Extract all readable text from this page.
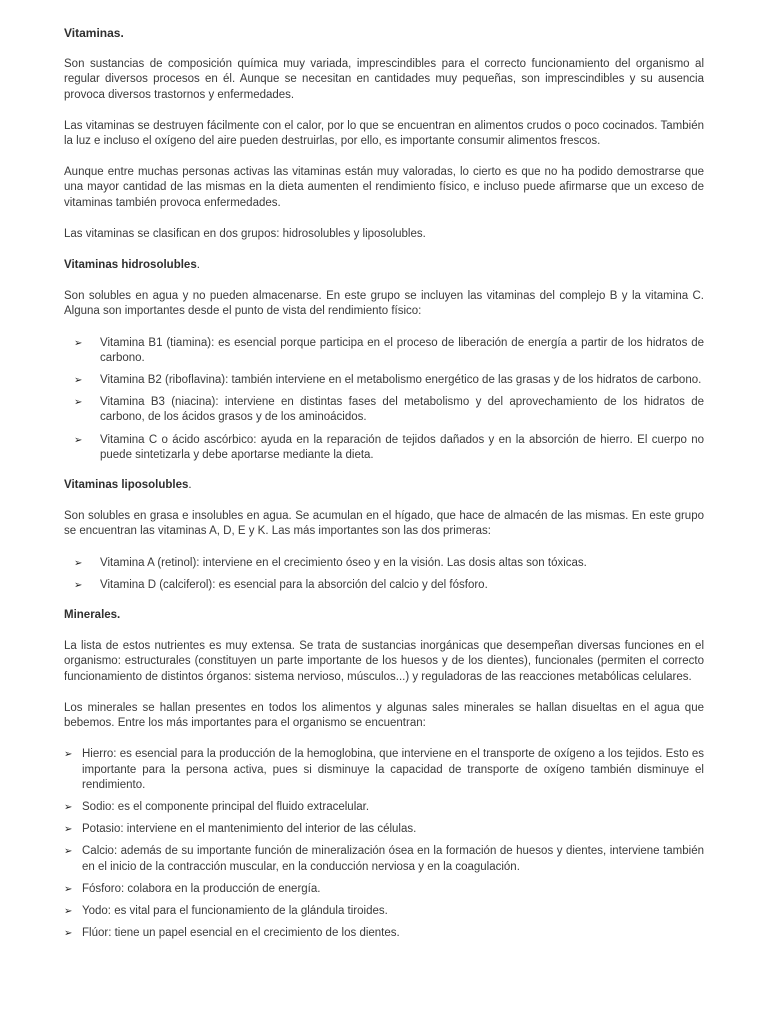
Vitaminas.

Son sustancias de composición química muy variada, imprescindibles para el correcto funcionamiento del organismo al regular diversos procesos en él. Aunque se necesitan en cantidades muy pequeñas, son imprescindibles y su ausencia provoca diversos trastornos y enfermedades.

Las vitaminas se destruyen fácilmente con el calor, por lo que se encuentran en alimentos crudos o poco cocinados. También la luz e incluso el oxígeno del aire pueden destruirlas, por ello, es importante consumir alimentos frescos.

Aunque entre muchas personas activas las vitaminas están muy valoradas, lo cierto es que no ha podido demostrarse que una mayor cantidad de las mismas en la dieta aumenten el rendimiento físico, e incluso puede afirmarse que un exceso de vitaminas también provoca enfermedades.

Las vitaminas se clasifican en dos grupos: hidrosolubles y liposolubles.

Vitaminas hidrosolubles.

Son solubles en agua y no pueden almacenarse. En este grupo se incluyen las vitaminas del complejo B y la vitamina C. Alguna son importantes desde el punto de vista del rendimiento físico:

➢ Vitamina B1 (tiamina): es esencial porque participa en el proceso de liberación de energía a partir de los hidratos de carbono.
➢ Vitamina B2 (riboflavina): también interviene en el metabolismo energético de las grasas y de los hidratos de carbono.
➢ Vitamina B3 (niacina): interviene en distintas fases del metabolismo y del aprovechamiento de los hidratos de carbono, de los ácidos grasos y de los aminoácidos.
➢ Vitamina C o ácido ascórbico: ayuda en la reparación de tejidos dañados y en la absorción de hierro. El cuerpo no puede sintetizarla y debe aportarse mediante la dieta.
Vitaminas liposolubles.

Son solubles en grasa e insolubles en agua. Se acumulan en el hígado, que hace de almacén de las mismas. En este grupo se encuentran las vitaminas A, D, E y K. Las más importantes son las dos primeras:

➢ Vitamina A (retinol): interviene en el crecimiento óseo y en la visión. Las dosis altas son tóxicas.
➢ Vitamina D (calciferol): es esencial para la absorción del calcio y del fósforo.
Minerales.

La lista de estos nutrientes es muy extensa. Se trata de sustancias inorgánicas que desempeñan diversas funciones en el organismo: estructurales (constituyen un parte importante de los huesos y de los dientes), funcionales (permiten el correcto funcionamiento de distintos órganos: sistema nervioso, músculos...) y reguladoras de las reacciones metabólicas celulares.

Los minerales se hallan presentes en todos los alimentos y algunas sales minerales se hallan disueltas en el agua que bebemos. Entre los más importantes para el organismo se encuentran:

➢ Hierro: es esencial para la producción de la hemoglobina, que interviene en el transporte de oxígeno a los tejidos. Esto es importante para la persona activa, pues si disminuye la capacidad de transporte de oxígeno también disminuye el rendimiento.
➢ Sodio: es el componente principal del fluido extracelular.
➢ Potasio: interviene en el mantenimiento del interior de las células.
➢ Calcio: además de su importante función de mineralización ósea en la formación de huesos y dientes, interviene también en el inicio de la contracción muscular, en la conducción nerviosa y en la coagulación.
➢ Fósforo: colabora en la producción de energía.
➢ Yodo: es vital para el funcionamiento de la glándula tiroides.
➢ Flúor: tiene un papel esencial en el crecimiento de los dientes.
